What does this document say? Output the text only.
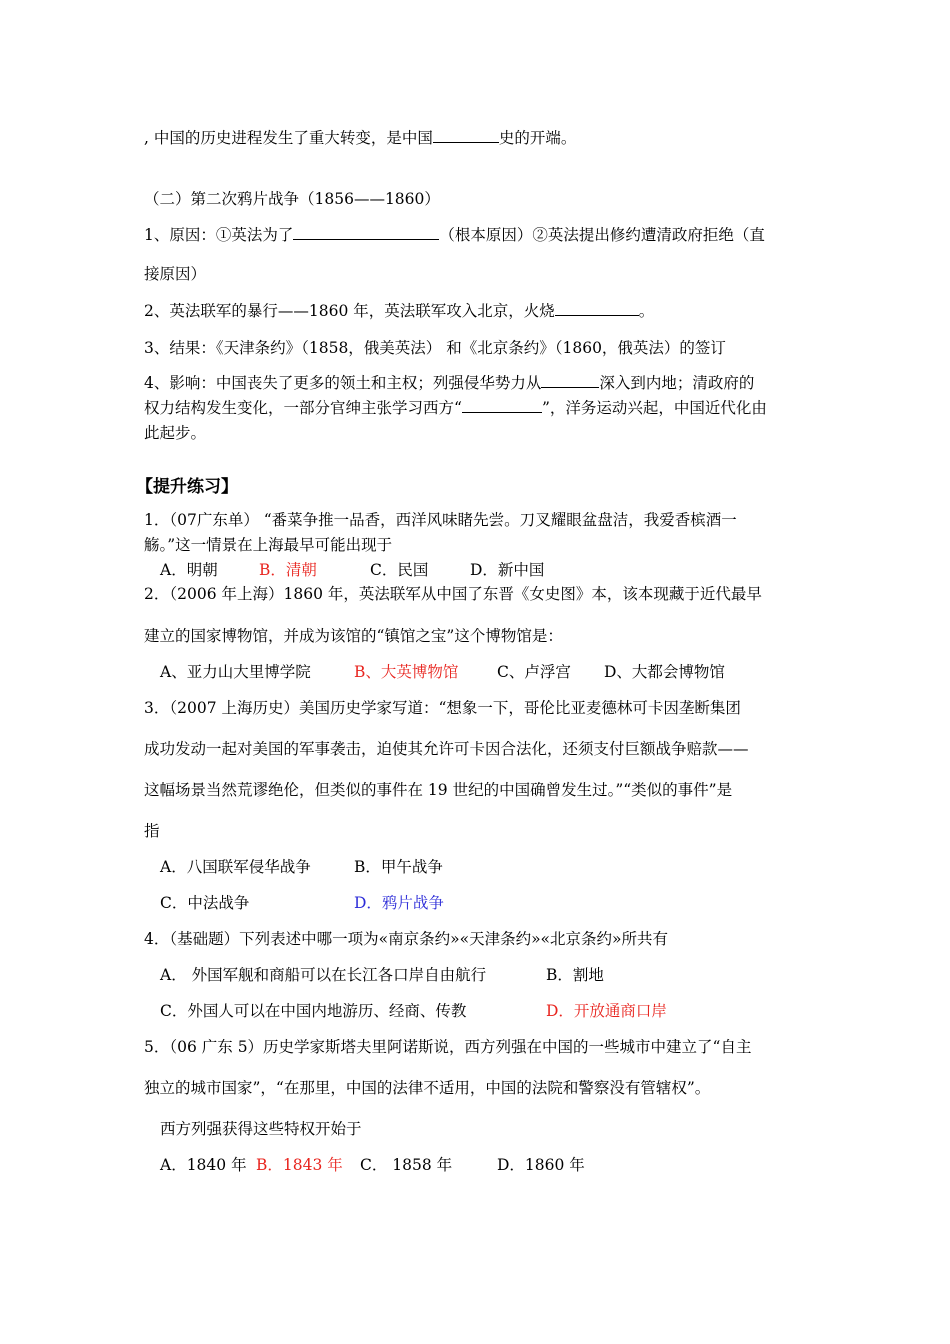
, 中国的历史进程发生了重大转变，是中国	史的开端。
（二）第二次鸦片战争（1856——1860）
1、原因：①英法为了	（根本原因）②英法提出修约遭清政府拒绝（直
接原因）
2、英法联军的暴行——1860 年，英法联军攻入北京，火烧	。
3、结果：《天津条约》（1858，俄美英法） 和《北京条约》（1860，俄英法）的签订
4、影响：中国丧失了更多的领土和主权；列强侵华势力从	深入到内地；清政府的
权力结构发生变化，一部分官绅主张学习西方“	”，洋务运动兴起，中国近代化由
此起步。
【提升练习】
1．（07广东单） “番菜争推一品香，西洋风味睹先尝。刀叉耀眼盆盘洁，我爱香槟酒一
觞。”这一情景在上海最早可能出现于
A．明朝	B．清朝	C．民国	D．新中国
2．（2006 年上海）1860 年，英法联军从中国了东晋《女史图》本，该本现藏于近代最早
建立的国家博物馆，并成为该馆的“镇馆之宝”这个博物馆是：
A、亚力山大里博学院	B、大英博物馆 C、卢浮宫 D、大都会博物馆
3．（2007 上海历史）美国历史学家写道：“想象一下，哥伦比亚麦德林可卡因垄断集团
成功发动一起对美国的军事袭击，迫使其允许可卡因合法化，还须支付巨额战争赔款——
这幅场景当然荒谬绝伦，但类似的事件在 19 世纪的中国确曾发生过。”“类似的事件”是
指
A．八国联军侵华战争	B．甲午战争
C．中法战争	D．鸦片战争
4．（基础题）下列表述中哪一项为«南京条约»«天津条约»«北京条约»所共有
A． 外国军舰和商船可以在长江各口岸自由航行	B．割地
C．外国人可以在中国内地游历、经商、传教	D．开放通商口岸
5．（06 广东 5）历史学家斯塔夫里阿诺斯说，西方列强在中国的一些城市中建立了“自主
独立的城市国家”，“在那里，中国的法律不适用，中国的法院和警察没有管辖权”。
西方列强获得这些特权开始于
A．1840 年 B．1843 年 C． 1858 年	D．1860 年
